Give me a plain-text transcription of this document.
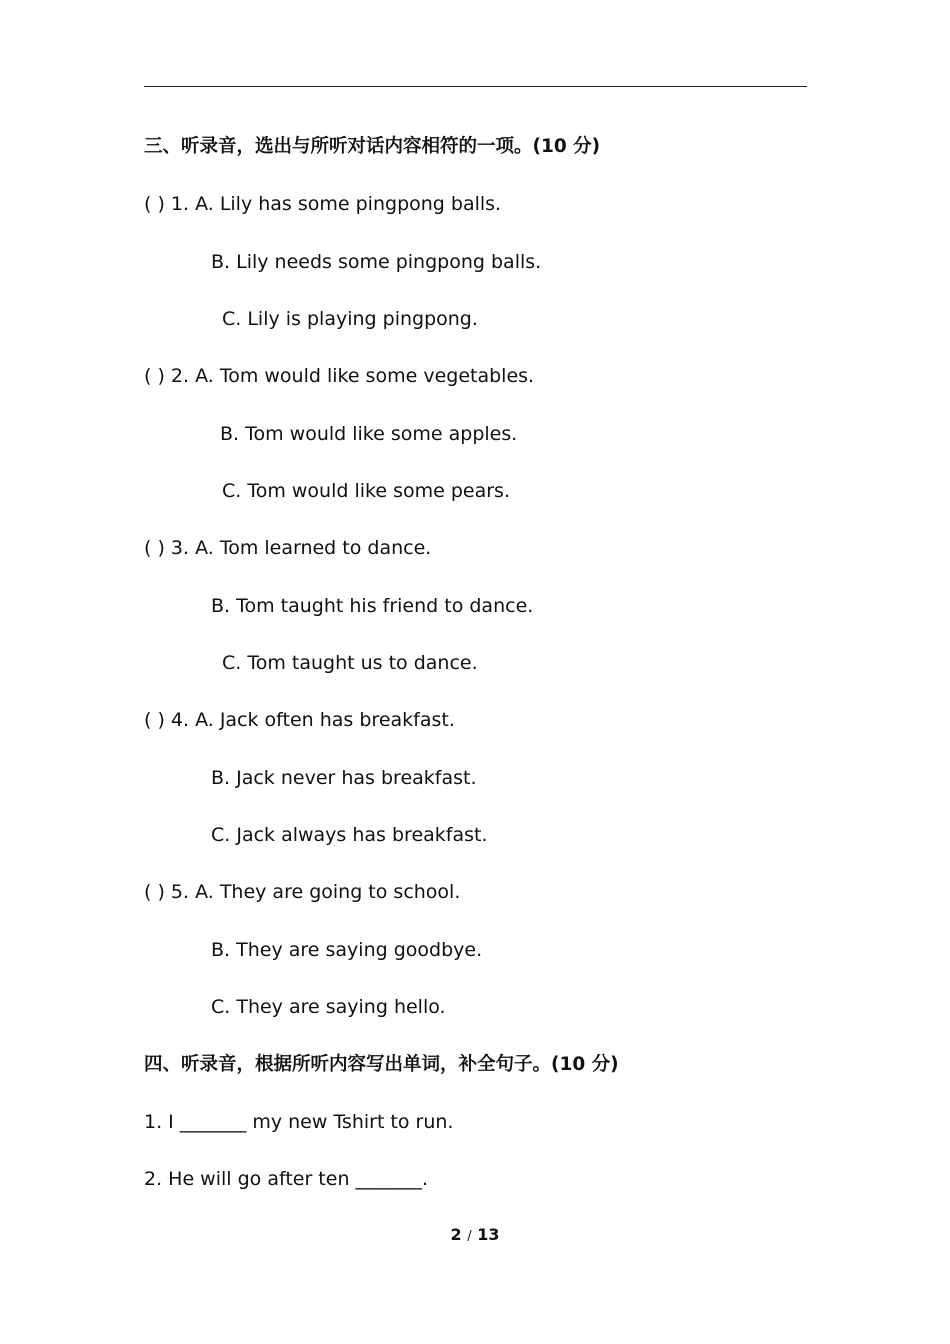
三、听录音，选出与所听对话内容相符的一项。(10 分)
( ) 1. A. Lily has some pingpong balls.
B. Lily needs some pingpong balls.
C. Lily is playing pingpong.
( ) 2. A. Tom would like some vegetables.
B. Tom would like some apples.
C. Tom would like some pears.
( ) 3. A. Tom learned to dance.
B. Tom taught his friend to dance.
C. Tom taught us to dance.
( ) 4. A. Jack often has breakfast.
B. Jack never has breakfast.
C. Jack always has breakfast.
( ) 5. A. They are going to school.
B. They are saying goodbye.
C. They are saying hello.
四、听录音，根据所听内容写出单词，补全句子。(10 分)
1. I _______ my new Tshirt to run.
2. He will go after ten _______.
2 / 13
